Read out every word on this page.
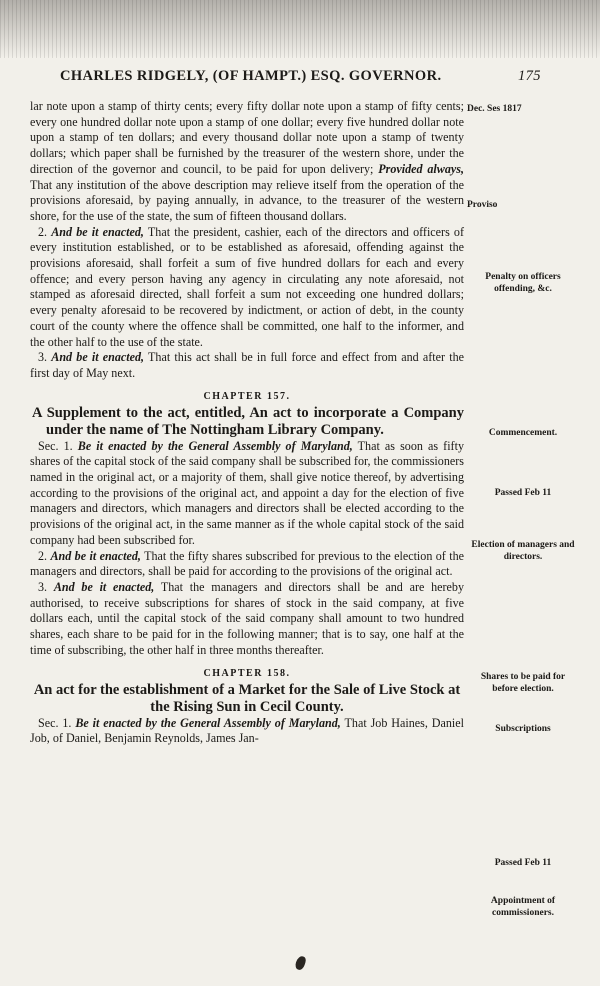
CHARLES RIDGELY, (OF HAMPT.) ESQ. GOVERNOR.	175

lar note upon a stamp of thirty cents; every fifty dollar note upon a stamp of fifty cents; every one hundred dollar note upon a stamp of one dollar; every five hundred dollar note upon a stamp of ten dollars; and every thousand dollar note upon a stamp of twenty dollars; which paper shall be furnished by the treasurer of the western shore, under the direction of the governor and council, to be paid for upon delivery; Provided always, That any institution of the above description may relieve itself from the operation of the provisions aforesaid, by paying annually, in advance, to the treasurer of the western shore, for the use of the state, the sum of fifteen thousand dollars.

2. And be it enacted, That the president, cashier, each of the directors and officers of every institution established, or to be established as aforesaid, offending against the provisions aforesaid, shall forfeit a sum of five hundred dollars for each and every offence; and every person having any agency in circulating any note aforesaid, not stamped as aforesaid directed, shall forfeit a sum not exceeding one hundred dollars; every penalty aforesaid to be recovered by indictment, or action of debt, in the county court of the county where the offence shall be committed, one half to the informer, and the other half to the use of the state.

3. And be it enacted, That this act shall be in full force and effect from and after the first day of May next.

CHAPTER 157.
A Supplement to the act, entitled, An act to incorporate a Company under the name of The Nottingham Library Company.

Sec. 1. Be it enacted by the General Assembly of Maryland, That as soon as fifty shares of the capital stock of the said company shall be subscribed for, the commissioners named in the original act, or a majority of them, shall give notice thereof, by advertising according to the provisions of the original act, and appoint a day for the election of five managers and directors, which managers and directors shall be elected according to the provisions of the original act, in the same manner as if the whole capital stock of the said company had been subscribed for.

2. And be it enacted, That the fifty shares subscribed for previous to the election of the managers and directors, shall be paid for according to the provisions of the original act.

3. And be it enacted, That the managers and directors shall be and are hereby authorised, to receive subscriptions for shares of stock in the said company, at five dollars each, until the capital stock of the said company shall amount to two hundred shares, each share to be paid for in the following manner; that is to say, one half at the time of subscribing, the other half in three months thereafter.

CHAPTER 158.
An act for the establishment of a Market for the Sale of Live Stock at the Rising Sun in Cecil County.

Sec. 1. Be it enacted by the General Assembly of Maryland, That Job Haines, Daniel Job, of Daniel, Benjamin Reynolds, James Jan-

Dec. Ses 1817
Proviso
Penalty on officers offending, &c.
Commencement.
Passed Feb 11
Election of managers and directors.
Shares to be paid for before election.
Subscriptions
Passed Feb 11
Appointment of commissioners.
